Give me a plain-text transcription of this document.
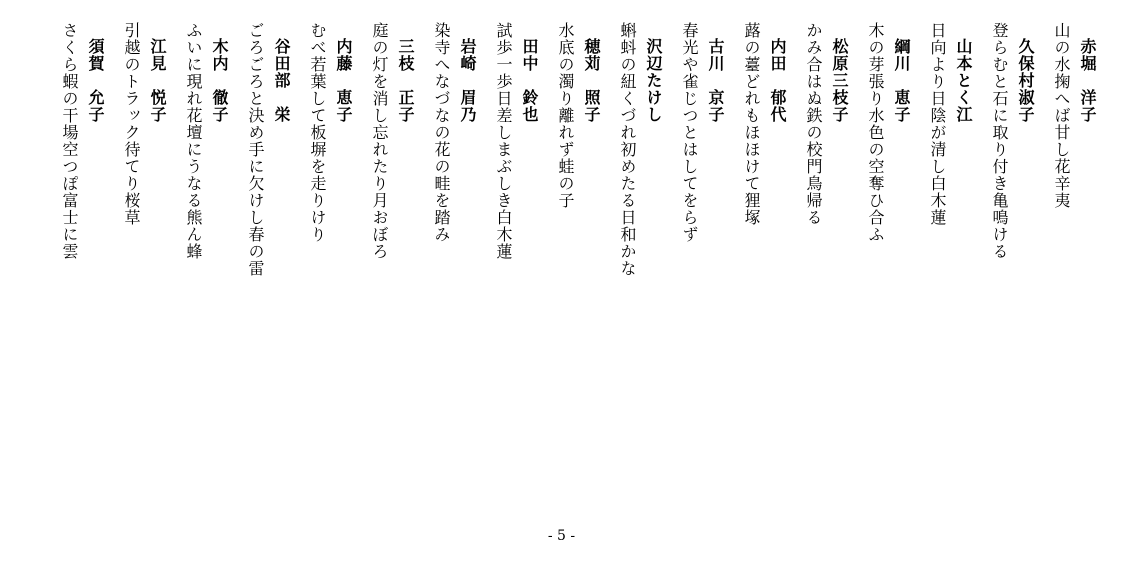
赤堀　洋子
山の水掬へば甘し花辛夷
久保村淑子
登らむと石に取り付き亀鳴ける
山本とく江
日向より日陰が清し白木蓮
綱川　恵子
木の芽張り水色の空奪ひ合ふ
松原三枝子
かみ合はぬ鉄の校門鳥帰る
内田　郁代
蕗の薹どれもほほけて狸塚
古川　京子
春光や雀じつとはしてをらず
沢辺たけし
蝌蚪の紐くづれ初めたる日和かな
穂苅　照子
水底の濁り離れず蛙の子
田中　鈴也
試歩一歩日差しまぶしき白木蓮
岩崎　眉乃
染寺へなづなの花の畦を踏み
三枝　正子
庭の灯を消し忘れたり月おぼろ
内藤　恵子
むべ若葉して板塀を走りけり
谷田部　栄
ごろごろと決め手に欠けし春の雷
木内　徹子
ふいに現れ花壇にうなる熊ん蜂
江見　悦子
引越のトラック待てり桜草
須賀　允子
さくら蝦の干場空つぽ富士に雲
- 5 -
